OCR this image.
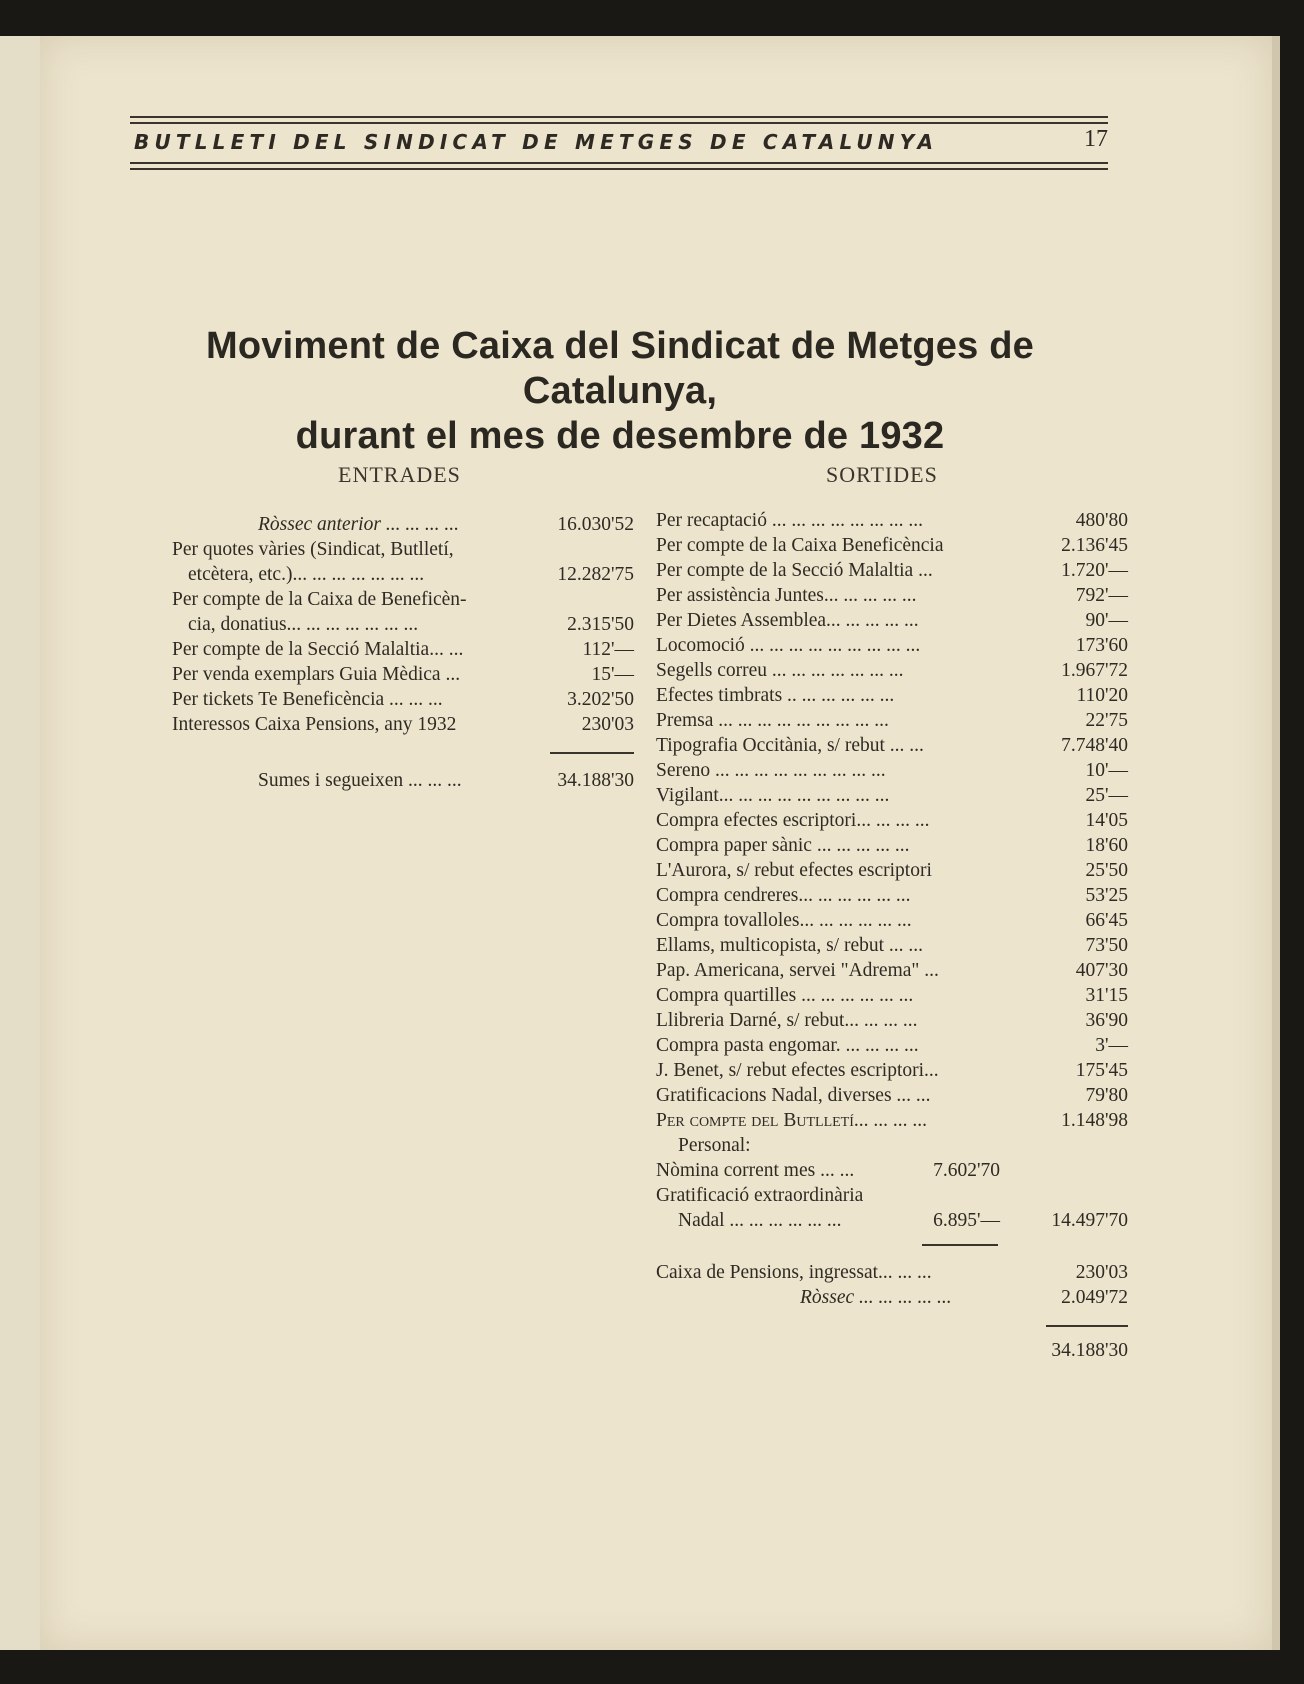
BUTLLETI DEL SINDICAT DE METGES DE CATALUNYA	17
Moviment de Caixa del Sindicat de Metges de Catalunya,
durant el mes de desembre de 1932
ENTRADES	SORTIDES
Ròssec anterior ... ... ... ...	16.030'52
Per quotes vàries (Sindicat, Butlletí,
etcètera, etc.)... ... ... ... ... ... ...	12.282'75
Per compte de la Caixa de Beneficèn-
cia, donatius... ... ... ... ... ... ...	2.315'50
Per compte de la Secció Malaltia... ...	112'—
Per venda exemplars Guia Mèdica ...	15'—
Per tickets Te Beneficència ... ... ...	3.202'50
Interessos Caixa Pensions, any 1932	230'03
Sumes i segueixen ... ... ...	34.188'30
Per recaptació ... ... ... ... ... ... ... ...	480'80
Per compte de la Caixa Beneficència	2.136'45
Per compte de la Secció Malaltia ...	1.720'—
Per assistència Juntes... ... ... ... ...	792'—
Per Dietes Assemblea... ... ... ... ...	90'—
Locomoció ... ... ... ... ... ... ... ... ...	173'60
Segells correu ... ... ... ... ... ... ...	1.967'72
Efectes timbrats .. ... ... ... ... ...	110'20
Premsa ... ... ... ... ... ... ... ... ...	22'75
Tipografia Occitània, s/ rebut ... ...	7.748'40
Sereno ... ... ... ... ... ... ... ... ...	10'—
Vigilant... ... ... ... ... ... ... ... ...	25'—
Compra efectes escriptori... ... ... ...	14'05
Compra paper sànic ... ... ... ... ...	18'60
L'Aurora, s/ rebut efectes escriptori	25'50
Compra cendreres... ... ... ... ... ...	53'25
Compra tovalloles... ... ... ... ... ...	66'45
Ellams, multicopista, s/ rebut ... ...	73'50
Pap. Americana, servei "Adrema" ...	407'30
Compra quartilles ... ... ... ... ... ...	31'15
Llibreria Darné, s/ rebut... ... ... ...	36'90
Compra pasta engomar. ... ... ... ...	3'—
J. Benet, s/ rebut efectes escriptori...	175'45
Gratificacions Nadal, diverses ... ...	79'80
Per compte del Butlletí... ... ... ...	1.148'98
Personal:
Nòmina corrent mes ... ...	7.602'70
Gratificació extraordinària
Nadal ... ... ... ... ... ...	6.895'—	14.497'70
Caixa de Pensions, ingressat... ... ...	230'03
Ròssec ... ... ... ... ...	2.049'72
34.188'30
